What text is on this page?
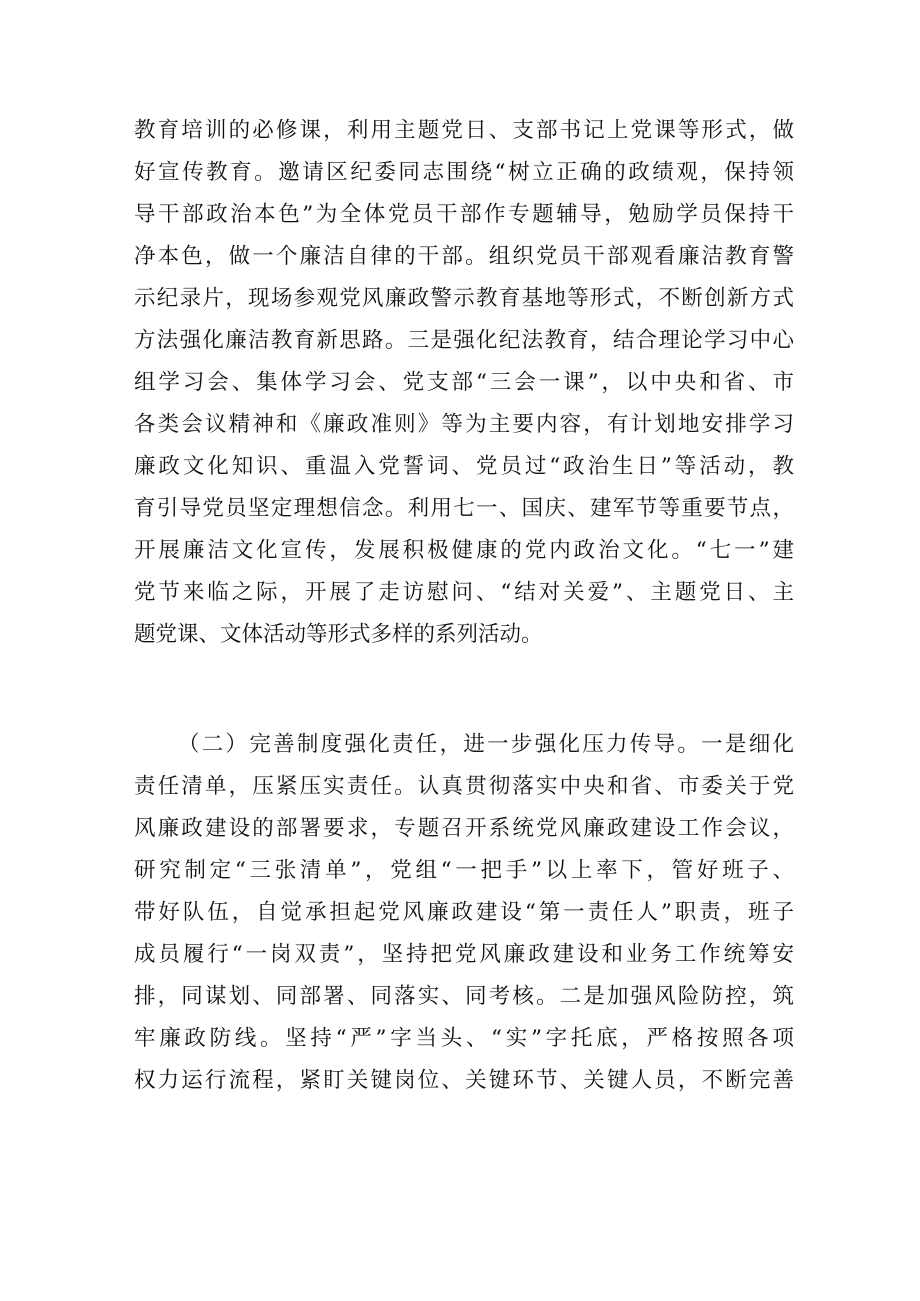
教育培训的必修课，利用主题党日、支部书记上党课等形式，做
好宣传教育。邀请区纪委同志围绕“树立正确的政绩观，保持领
导干部政治本色”为全体党员干部作专题辅导，勉励学员保持干
净本色，做一个廉洁自律的干部。组织党员干部观看廉洁教育警
示纪录片，现场参观党风廉政警示教育基地等形式，不断创新方式
方法强化廉洁教育新思路。三是强化纪法教育，结合理论学习中心
组学习会、集体学习会、党支部“三会一课”，以中央和省、市
各类会议精神和《廉政准则》等为主要内容，有计划地安排学习
廉政文化知识、重温入党誓词、党员过“政治生日”等活动，教
育引导党员坚定理想信念。利用七一、国庆、建军节等重要节点，
开展廉洁文化宣传，发展积极健康的党内政治文化。“七一”建
党节来临之际，开展了走访慰问、“结对关爱”、主题党日、主
题党课、文体活动等形式多样的系列活动。
（二）完善制度强化责任，进一步强化压力传导。一是细化
责任清单，压紧压实责任。认真贯彻落实中央和省、市委关于党
风廉政建设的部署要求，专题召开系统党风廉政建设工作会议，
研究制定“三张清单”，党组“一把手”以上率下，管好班子、
带好队伍，自觉承担起党风廉政建设“第一责任人”职责，班子
成员履行“一岗双责”，坚持把党风廉政建设和业务工作统筹安
排，同谋划、同部署、同落实、同考核。二是加强风险防控，筑
牢廉政防线。坚持“严”字当头、“实”字托底，严格按照各项
权力运行流程，紧盯关键岗位、关键环节、关键人员，不断完善
